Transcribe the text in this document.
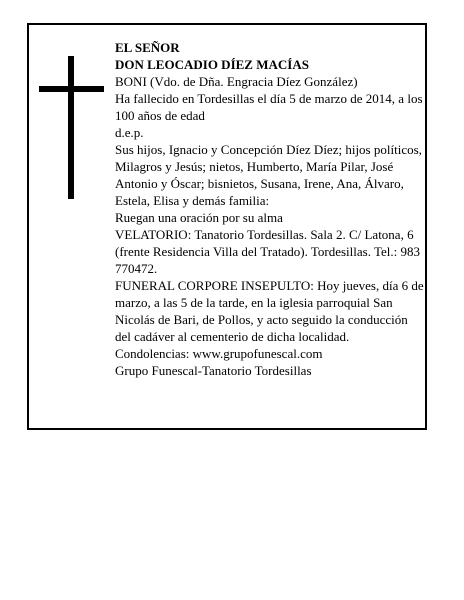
EL SEÑOR

DON LEOCADIO DÍEZ MACÍAS

BONI (Vdo. de Dña. Engracia Díez González)

Ha fallecido en Tordesillas el día 5 de marzo de 2014, a los 100 años de edad

d.e.p.

Sus hijos, Ignacio y Concepción Díez Díez; hijos políticos, Milagros y Jesús; nietos, Humberto, María Pilar, José Antonio y Óscar; bisnietos, Susana, Irene, Ana, Álvaro, Estela, Elisa y demás familia:

Ruegan una oración por su alma

VELATORIO: Tanatorio Tordesillas. Sala 2. C/ Latona, 6 (frente Residencia Villa del Tratado). Tordesillas. Tel.: 983 770472.

FUNERAL CORPORE INSEPULTO: Hoy jueves, día 6 de marzo, a las 5 de la tarde, en la iglesia parroquial San Nicolás de Bari, de Pollos, y acto seguido la conducción del cadáver al cementerio de dicha localidad. Condolencias: www.grupofunescal.com

Grupo Funescal-Tanatorio Tordesillas
